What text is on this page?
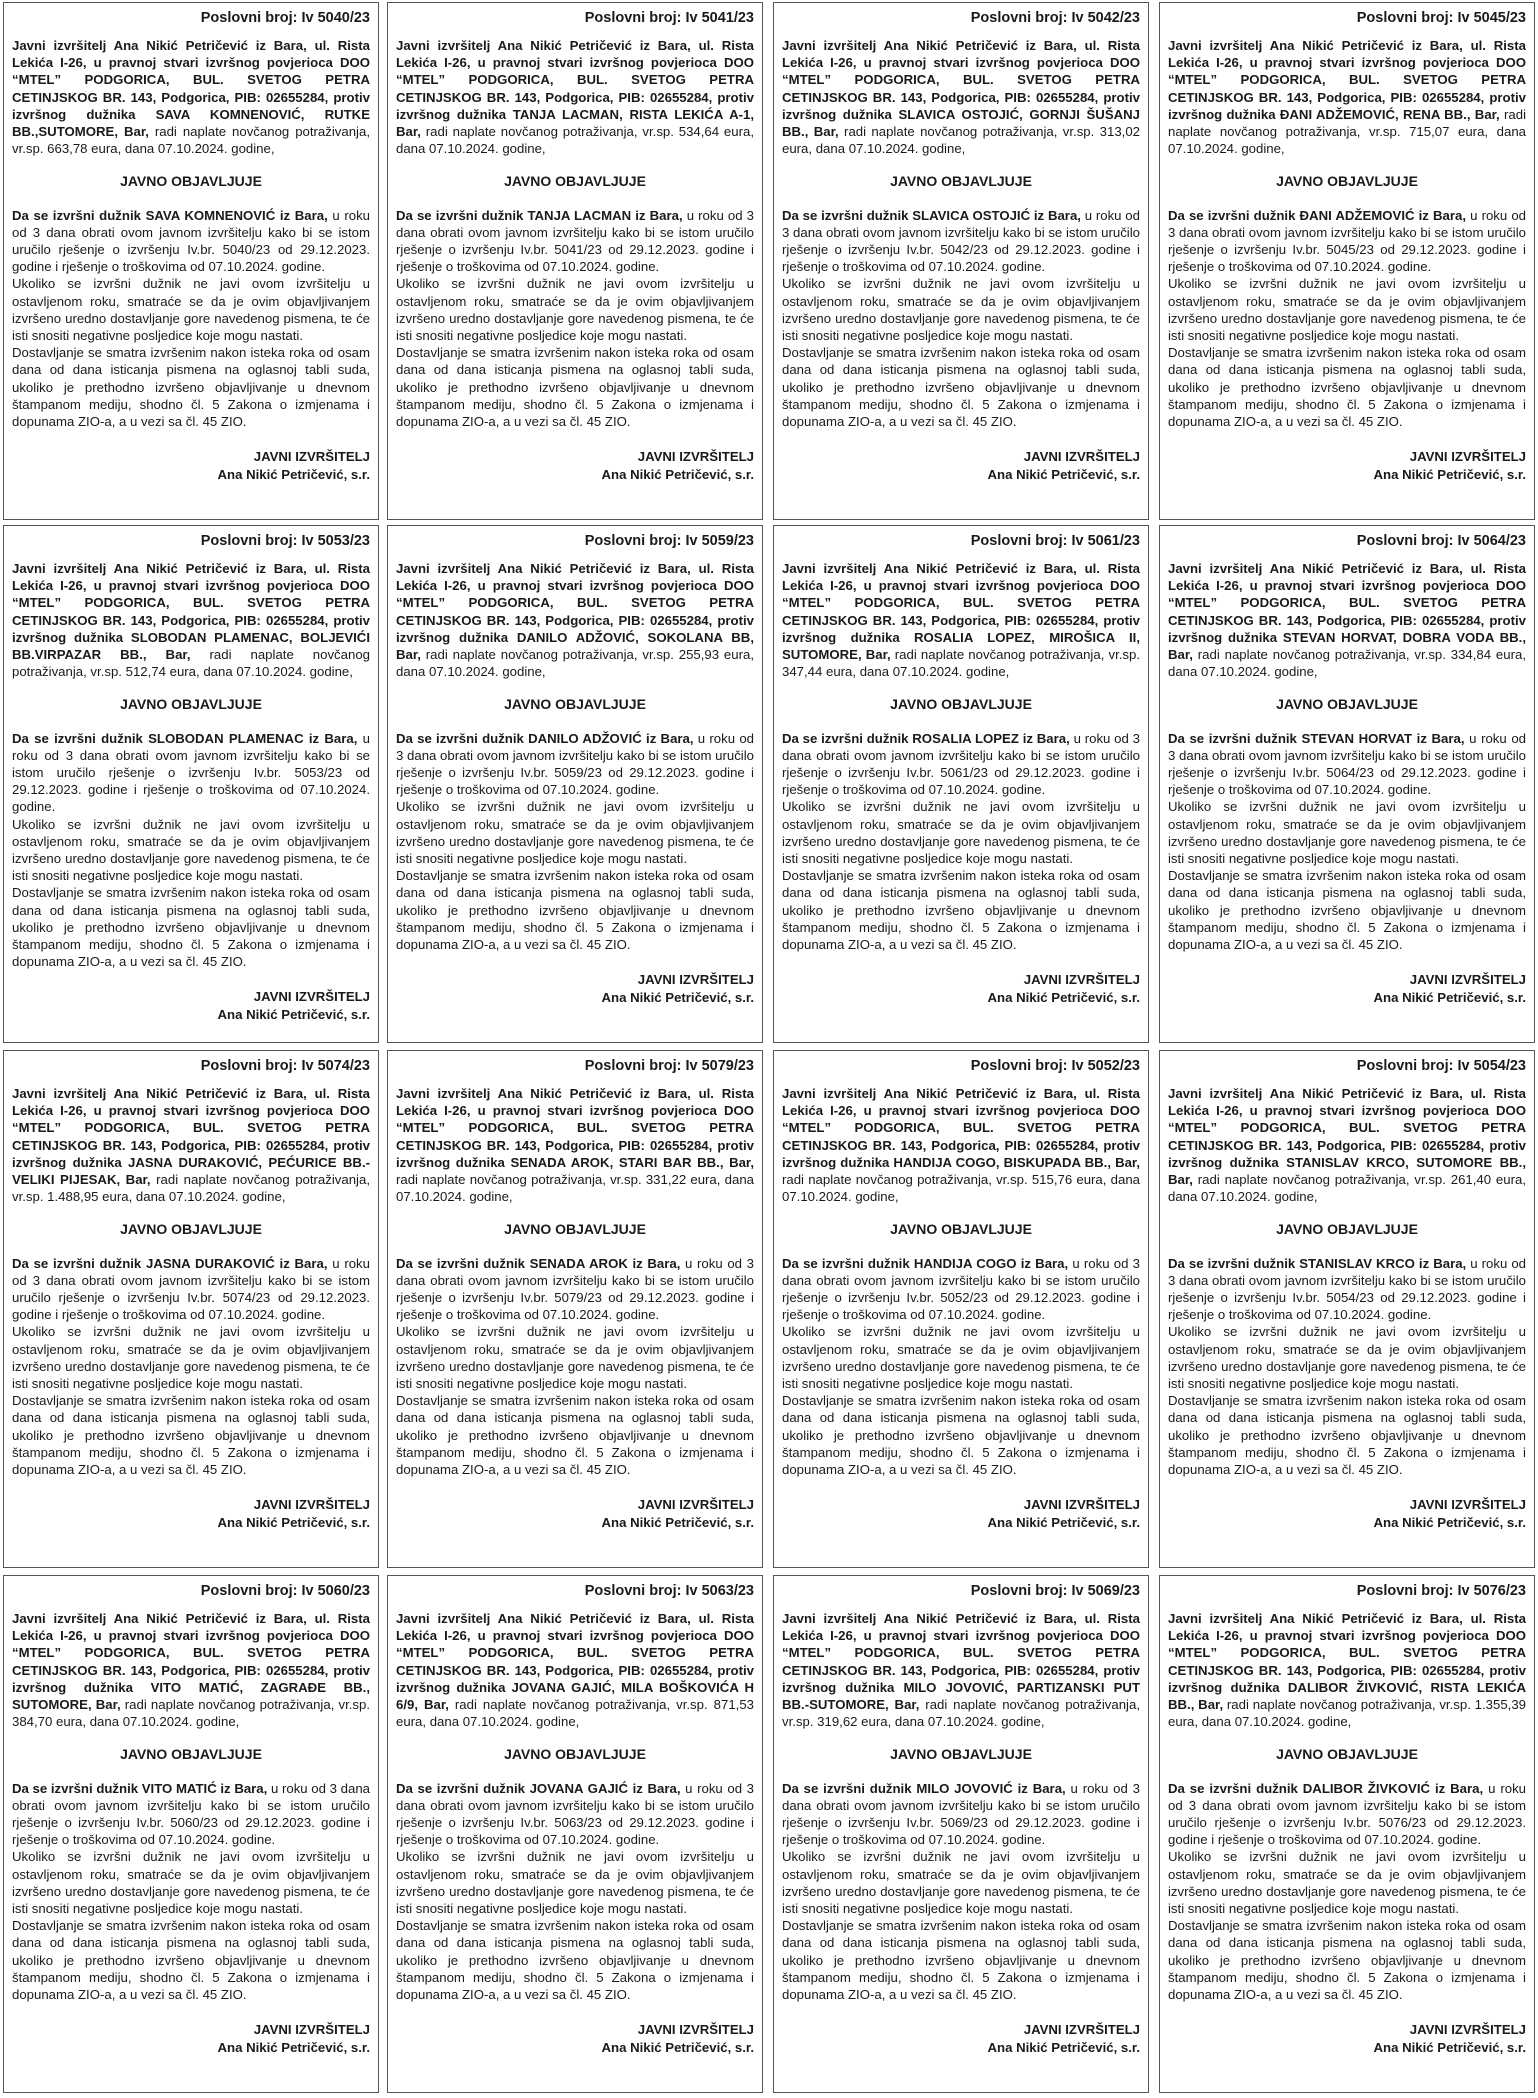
Poslovni broj: Iv 5040/23

Javni izvršitelj Ana Nikić Petričević iz Bara, ul. Rista Lekića I-26, u pravnoj stvari izvršnog povjerioca DOO “MTEL” PODGORICA, BUL. SVETOG PETRA CETINJSKOG BR. 143, Podgorica, PIB: 02655284, protiv izvršnog dužnika SAVA KOMNENOVIĆ, RUTKE BB.,SUTOMORE, Bar, radi naplate novčanog potraživanja, vr.sp. 663,78 eura, dana 07.10.2024. godine,

JAVNO OBJAVLJUJE

Da se izvršni dužnik SAVA KOMNENOVIĆ iz Bara, u roku od 3 dana obrati ovom javnom izvršitelju kako bi se istom uručilo rješenje o izvršenju Iv.br. 5040/23 od 29.12.2023. godine i rješenje o troškovima od 07.10.2024. godine.

Ukoliko se izvršni dužnik ne javi ovom izvršitelju u ostavljenom roku, smatraće se da je ovim objavljivanjem izvršeno uredno dostavljanje gore navedenog pismena, te će isti snositi negativne posljedice koje mogu nastati.

Dostavljanje se smatra izvršenim nakon isteka roka od osam dana od dana isticanja pismena na oglasnoj tabli suda, ukoliko je prethodno izvršeno objavljivanje u dnevnom štampanom mediju, shodno čl. 5 Zakona o izmjenama i dopunama ZIO-a, a u vezi sa čl. 45 ZIO.

JAVNI IZVRŠITELJ
Ana Nikić Petričević, s.r.
Poslovni broj: Iv 5041/23

Javni izvršitelj Ana Nikić Petričević iz Bara, ul. Rista Lekića I-26, u pravnoj stvari izvršnog povjerioca DOO “MTEL” PODGORICA, BUL. SVETOG PETRA CETINJSKOG BR. 143, Podgorica, PIB: 02655284, protiv izvršnog dužnika TANJA LACMAN, RISTA LEKIĆA A-1, Bar, radi naplate novčanog potraživanja, vr.sp. 534,64 eura, dana 07.10.2024. godine,

JAVNO OBJAVLJUJE

Da se izvršni dužnik TANJA LACMAN iz Bara, u roku od 3 dana obrati ovom javnom izvršitelju kako bi se istom uručilo rješenje o izvršenju Iv.br. 5041/23 od 29.12.2023. godine i rješenje o troškovima od 07.10.2024. godine.

Ukoliko se izvršni dužnik ne javi ovom izvršitelju u ostavljenom roku, smatraće se da je ovim objavljivanjem izvršeno uredno dostavljanje gore navedenog pismena, te će isti snositi negativne posljedice koje mogu nastati.

Dostavljanje se smatra izvršenim nakon isteka roka od osam dana od dana isticanja pismena na oglasnoj tabli suda, ukoliko je prethodno izvršeno objavljivanje u dnevnom štampanom mediju, shodno čl. 5 Zakona o izmjenama i dopunama ZIO-a, a u vezi sa čl. 45 ZIO.

JAVNI IZVRŠITELJ
Ana Nikić Petričević, s.r.
Poslovni broj: Iv 5042/23

Javni izvršitelj Ana Nikić Petričević iz Bara, ul. Rista Lekića I-26, u pravnoj stvari izvršnog povjerioca DOO “MTEL” PODGORICA, BUL. SVETOG PETRA CETINJSKOG BR. 143, Podgorica, PIB: 02655284, protiv izvršnog dužnika SLAVICA OSTOJIĆ, GORNJI ŠUŠANJ BB., Bar, radi naplate novčanog potraživanja, vr.sp. 313,02 eura, dana 07.10.2024. godine,

JAVNO OBJAVLJUJE

Da se izvršni dužnik SLAVICA OSTOJIĆ iz Bara, u roku od 3 dana obrati ovom javnom izvršitelju kako bi se istom uručilo rješenje o izvršenju Iv.br. 5042/23 od 29.12.2023. godine i rješenje o troškovima od 07.10.2024. godine.

Ukoliko se izvršni dužnik ne javi ovom izvršitelju u ostavljenom roku, smatraće se da je ovim objavljivanjem izvršeno uredno dostavljanje gore navedenog pismena, te će isti snositi negativne posljedice koje mogu nastati.

Dostavljanje se smatra izvršenim nakon isteka roka od osam dana od dana isticanja pismena na oglasnoj tabli suda, ukoliko je prethodno izvršeno objavljivanje u dnevnom štampanom mediju, shodno čl. 5 Zakona o izmjenama i dopunama ZIO-a, a u vezi sa čl. 45 ZIO.

JAVNI IZVRŠITELJ
Ana Nikić Petričević, s.r.
Poslovni broj: Iv 5045/23

Javni izvršitelj Ana Nikić Petričević iz Bara, ul. Rista Lekića I-26, u pravnoj stvari izvršnog povjerioca DOO “MTEL” PODGORICA, BUL. SVETOG PETRA CETINJSKOG BR. 143, Podgorica, PIB: 02655284, protiv izvršnog dužnika ĐANI ADŽEMOVIĆ, RENA BB., Bar, radi naplate novčanog potraživanja, vr.sp. 715,07 eura, dana 07.10.2024. godine,

JAVNO OBJAVLJUJE

Da se izvršni dužnik ĐANI ADŽEMOVIĆ iz Bara, u roku od 3 dana obrati ovom javnom izvršitelju kako bi se istom uručilo rješenje o izvršenju Iv.br. 5045/23 od 29.12.2023. godine i rješenje o troškovima od 07.10.2024. godine.

Ukoliko se izvršni dužnik ne javi ovom izvršitelju u ostavljenom roku, smatraće se da je ovim objavljivanjem izvršeno uredno dostavljanje gore navedenog pismena, te će isti snositi negativne posljedice koje mogu nastati.

Dostavljanje se smatra izvršenim nakon isteka roka od osam dana od dana isticanja pismena na oglasnoj tabli suda, ukoliko je prethodno izvršeno objavljivanje u dnevnom štampanom mediju, shodno čl. 5 Zakona o izmjenama i dopunama ZIO-a, a u vezi sa čl. 45 ZIO.

JAVNI IZVRŠITELJ
Ana Nikić Petričević, s.r.
Poslovni broj: Iv 5053/23

Javni izvršitelj Ana Nikić Petričević iz Bara, ul. Rista Lekića I-26, u pravnoj stvari izvršnog povjerioca DOO “MTEL” PODGORICA, BUL. SVETOG PETRA CETINJSKOG BR. 143, Podgorica, PIB: 02655284, protiv izvršnog dužnika SLOBODAN PLAMENAC, BOLJEVIĆI BB.VIRPAZAR BB., Bar, radi naplate novčanog potraživanja, vr.sp. 512,74 eura, dana 07.10.2024. godine,

JAVNO OBJAVLJUJE

Da se izvršni dužnik SLOBODAN PLAMENAC iz Bara, u roku od 3 dana obrati ovom javnom izvršitelju kako bi se istom uručilo rješenje o izvršenju Iv.br. 5053/23 od 29.12.2023. godine i rješenje o troškovima od 07.10.2024. godine.

Ukoliko se izvršni dužnik ne javi ovom izvršitelju u ostavljenom roku, smatraće se da je ovim objavljivanjem izvršeno uredno dostavljanje gore navedenog pismena, te će isti snositi negativne posljedice koje mogu nastati.

Dostavljanje se smatra izvršenim nakon isteka roka od osam dana od dana isticanja pismena na oglasnoj tabli suda, ukoliko je prethodno izvršeno objavljivanje u dnevnom štampanom mediju, shodno čl. 5 Zakona o izmjenama i dopunama ZIO-a, a u vezi sa čl. 45 ZIO.

JAVNI IZVRŠITELJ
Ana Nikić Petričević, s.r.
Poslovni broj: Iv 5059/23

Javni izvršitelj Ana Nikić Petričević iz Bara, ul. Rista Lekića I-26, u pravnoj stvari izvršnog povjerioca DOO “MTEL” PODGORICA, BUL. SVETOG PETRA CETINJSKOG BR. 143, Podgorica, PIB: 02655284, protiv izvršnog dužnika DANILO ADŽOVIĆ, SOKOLANA BB, Bar, radi naplate novčanog potraživanja, vr.sp. 255,93 eura, dana 07.10.2024. godine,

JAVNO OBJAVLJUJE

Da se izvršni dužnik DANILO ADŽOVIĆ iz Bara, u roku od 3 dana obrati ovom javnom izvršitelju kako bi se istom uručilo rješenje o izvršenju Iv.br. 5059/23 od 29.12.2023. godine i rješenje o troškovima od 07.10.2024. godine.

Ukoliko se izvršni dužnik ne javi ovom izvršitelju u ostavljenom roku, smatraće se da je ovim objavljivanjem izvršeno uredno dostavljanje gore navedenog pismena, te će isti snositi negativne posljedice koje mogu nastati.

Dostavljanje se smatra izvršenim nakon isteka roka od osam dana od dana isticanja pismena na oglasnoj tabli suda, ukoliko je prethodno izvršeno objavljivanje u dnevnom štampanom mediju, shodno čl. 5 Zakona o izmjenama i dopunama ZIO-a, a u vezi sa čl. 45 ZIO.

JAVNI IZVRŠITELJ
Ana Nikić Petričević, s.r.
Poslovni broj: Iv 5061/23

Javni izvršitelj Ana Nikić Petričević iz Bara, ul. Rista Lekića I-26, u pravnoj stvari izvršnog povjerioca DOO “MTEL” PODGORICA, BUL. SVETOG PETRA CETINJSKOG BR. 143, Podgorica, PIB: 02655284, protiv izvršnog dužnika ROSALIA LOPEZ, MIROŠICA II, SUTOMORE, Bar, radi naplate novčanog potraživanja, vr.sp. 347,44 eura, dana 07.10.2024. godine,

JAVNO OBJAVLJUJE

Da se izvršni dužnik ROSALIA LOPEZ iz Bara, u roku od 3 dana obrati ovom javnom izvršitelju kako bi se istom uručilo rješenje o izvršenju Iv.br. 5061/23 od 29.12.2023. godine i rješenje o troškovima od 07.10.2024. godine.

Ukoliko se izvršni dužnik ne javi ovom izvršitelju u ostavljenom roku, smatraće se da je ovim objavljivanjem izvršeno uredno dostavljanje gore navedenog pismena, te će isti snositi negativne posljedice koje mogu nastati.

Dostavljanje se smatra izvršenim nakon isteka roka od osam dana od dana isticanja pismena na oglasnoj tabli suda, ukoliko je prethodno izvršeno objavljivanje u dnevnom štampanom mediju, shodno čl. 5 Zakona o izmjenama i dopunama ZIO-a, a u vezi sa čl. 45 ZIO.

JAVNI IZVRŠITELJ
Ana Nikić Petričević, s.r.
Poslovni broj: Iv 5064/23

Javni izvršitelj Ana Nikić Petričević iz Bara, ul. Rista Lekića I-26, u pravnoj stvari izvršnog povjerioca DOO “MTEL” PODGORICA, BUL. SVETOG PETRA CETINJSKOG BR. 143, Podgorica, PIB: 02655284, protiv izvršnog dužnika STEVAN HORVAT, DOBRA VODA BB., Bar, radi naplate novčanog potraživanja, vr.sp. 334,84 eura, dana 07.10.2024. godine,

JAVNO OBJAVLJUJE

Da se izvršni dužnik STEVAN HORVAT iz Bara, u roku od 3 dana obrati ovom javnom izvršitelju kako bi se istom uručilo rješenje o izvršenju Iv.br. 5064/23 od 29.12.2023. godine i rješenje o troškovima od 07.10.2024. godine.

Ukoliko se izvršni dužnik ne javi ovom izvršitelju u ostavljenom roku, smatraće se da je ovim objavljivanjem izvršeno uredno dostavljanje gore navedenog pismena, te će isti snositi negativne posljedice koje mogu nastati.

Dostavljanje se smatra izvršenim nakon isteka roka od osam dana od dana isticanja pismena na oglasnoj tabli suda, ukoliko je prethodno izvršeno objavljivanje u dnevnom štampanom mediju, shodno čl. 5 Zakona o izmjenama i dopunama ZIO-a, a u vezi sa čl. 45 ZIO.

JAVNI IZVRŠITELJ
Ana Nikić Petričević, s.r.
Poslovni broj: Iv 5074/23

Javni izvršitelj Ana Nikić Petričević iz Bara, ul. Rista Lekića I-26, u pravnoj stvari izvršnog povjerioca DOO “MTEL” PODGORICA, BUL. SVETOG PETRA CETINJSKOG BR. 143, Podgorica, PIB: 02655284, protiv izvršnog dužnika JASNA DURAKOVIĆ, PEĆURICE BB.-VELIKI PIJESAK, Bar, radi naplate novčanog potraživanja, vr.sp. 1.488,95 eura, dana 07.10.2024. godine,

JAVNO OBJAVLJUJE

Da se izvršni dužnik JASNA DURAKOVIĆ iz Bara, u roku od 3 dana obrati ovom javnom izvršitelju kako bi se istom uručilo rješenje o izvršenju Iv.br. 5074/23 od 29.12.2023. godine i rješenje o troškovima od 07.10.2024. godine.

Ukoliko se izvršni dužnik ne javi ovom izvršitelju u ostavljenom roku, smatraće se da je ovim objavljivanjem izvršeno uredno dostavljanje gore navedenog pismena, te će isti snositi negativne posljedice koje mogu nastati.

Dostavljanje se smatra izvršenim nakon isteka roka od osam dana od dana isticanja pismena na oglasnoj tabli suda, ukoliko je prethodno izvršeno objavljivanje u dnevnom štampanom mediju, shodno čl. 5 Zakona o izmjenama i dopunama ZIO-a, a u vezi sa čl. 45 ZIO.

JAVNI IZVRŠITELJ
Ana Nikić Petričević, s.r.
Poslovni broj: Iv 5079/23

Javni izvršitelj Ana Nikić Petričević iz Bara, ul. Rista Lekića I-26, u pravnoj stvari izvršnog povjerioca DOO “MTEL” PODGORICA, BUL. SVETOG PETRA CETINJSKOG BR. 143, Podgorica, PIB: 02655284, protiv izvršnog dužnika SENADA AROK, STARI BAR BB., Bar, radi naplate novčanog potraživanja, vr.sp. 331,22 eura, dana 07.10.2024. godine,

JAVNO OBJAVLJUJE

Da se izvršni dužnik SENADA AROK iz Bara, u roku od 3 dana obrati ovom javnom izvršitelju kako bi se istom uručilo rješenje o izvršenju Iv.br. 5079/23 od 29.12.2023. godine i rješenje o troškovima od 07.10.2024. godine.

Ukoliko se izvršni dužnik ne javi ovom izvršitelju u ostavljenom roku, smatraće se da je ovim objavljivanjem izvršeno uredno dostavljanje gore navedenog pismena, te će isti snositi negativne posljedice koje mogu nastati.

Dostavljanje se smatra izvršenim nakon isteka roka od osam dana od dana isticanja pismena na oglasnoj tabli suda, ukoliko je prethodno izvršeno objavljivanje u dnevnom štampanom mediju, shodno čl. 5 Zakona o izmjenama i dopunama ZIO-a, a u vezi sa čl. 45 ZIO.

JAVNI IZVRŠITELJ
Ana Nikić Petričević, s.r.
Poslovni broj: Iv 5052/23

Javni izvršitelj Ana Nikić Petričević iz Bara, ul. Rista Lekića I-26, u pravnoj stvari izvršnog povjerioca DOO “MTEL” PODGORICA, BUL. SVETOG PETRA CETINJSKOG BR. 143, Podgorica, PIB: 02655284, protiv izvršnog dužnika HANDIJA COGO, BISKUPADA BB., Bar, radi naplate novčanog potraživanja, vr.sp. 515,76 eura, dana 07.10.2024. godine,

JAVNO OBJAVLJUJE

Da se izvršni dužnik HANDIJA COGO iz Bara, u roku od 3 dana obrati ovom javnom izvršitelju kako bi se istom uručilo rješenje o izvršenju Iv.br. 5052/23 od 29.12.2023. godine i rješenje o troškovima od 07.10.2024. godine.

Ukoliko se izvršni dužnik ne javi ovom izvršitelju u ostavljenom roku, smatraće se da je ovim objavljivanjem izvršeno uredno dostavljanje gore navedenog pismena, te će isti snositi negativne posljedice koje mogu nastati.

Dostavljanje se smatra izvršenim nakon isteka roka od osam dana od dana isticanja pismena na oglasnoj tabli suda, ukoliko je prethodno izvršeno objavljivanje u dnevnom štampanom mediju, shodno čl. 5 Zakona o izmjenama i dopunama ZIO-a, a u vezi sa čl. 45 ZIO.

JAVNI IZVRŠITELJ
Ana Nikić Petričević, s.r.
Poslovni broj: Iv 5054/23

Javni izvršitelj Ana Nikić Petričević iz Bara, ul. Rista Lekića I-26, u pravnoj stvari izvršnog povjerioca DOO “MTEL” PODGORICA, BUL. SVETOG PETRA CETINJSKOG BR. 143, Podgorica, PIB: 02655284, protiv izvršnog dužnika STANISLAV KRCO, SUTOMORE BB., Bar, radi naplate novčanog potraživanja, vr.sp. 261,40 eura, dana 07.10.2024. godine,

JAVNO OBJAVLJUJE

Da se izvršni dužnik STANISLAV KRCO iz Bara, u roku od 3 dana obrati ovom javnom izvršitelju kako bi se istom uručilo rješenje o izvršenju Iv.br. 5054/23 od 29.12.2023. godine i rješenje o troškovima od 07.10.2024. godine.

Ukoliko se izvršni dužnik ne javi ovom izvršitelju u ostavljenom roku, smatraće se da je ovim objavljivanjem izvršeno uredno dostavljanje gore navedenog pismena, te će isti snositi negativne posljedice koje mogu nastati.

Dostavljanje se smatra izvršenim nakon isteka roka od osam dana od dana isticanja pismena na oglasnoj tabli suda, ukoliko je prethodno izvršeno objavljivanje u dnevnom štampanom mediju, shodno čl. 5 Zakona o izmjenama i dopunama ZIO-a, a u vezi sa čl. 45 ZIO.

JAVNI IZVRŠITELJ
Ana Nikić Petričević, s.r.
Poslovni broj: Iv 5060/23

Javni izvršitelj Ana Nikić Petričević iz Bara, ul. Rista Lekića I-26, u pravnoj stvari izvršnog povjerioca DOO “MTEL” PODGORICA, BUL. SVETOG PETRA CETINJSKOG BR. 143, Podgorica, PIB: 02655284, protiv izvršnog dužnika VITO MATIĆ, ZAGRAĐE BB., SUTOMORE, Bar, radi naplate novčanog potraživanja, vr.sp. 384,70 eura, dana 07.10.2024. godine,

JAVNO OBJAVLJUJE

Da se izvršni dužnik VITO MATIĆ iz Bara, u roku od 3 dana obrati ovom javnom izvršitelju kako bi se istom uručilo rješenje o izvršenju Iv.br. 5060/23 od 29.12.2023. godine i rješenje o troškovima od 07.10.2024. godine.

Ukoliko se izvršni dužnik ne javi ovom izvršitelju u ostavljenom roku, smatraće se da je ovim objavljivanjem izvršeno uredno dostavljanje gore navedenog pismena, te će isti snositi negativne posljedice koje mogu nastati.

Dostavljanje se smatra izvršenim nakon isteka roka od osam dana od dana isticanja pismena na oglasnoj tabli suda, ukoliko je prethodno izvršeno objavljivanje u dnevnom štampanom mediju, shodno čl. 5 Zakona o izmjenama i dopunama ZIO-a, a u vezi sa čl. 45 ZIO.

JAVNI IZVRŠITELJ
Ana Nikić Petričević, s.r.
Poslovni broj: Iv 5063/23

Javni izvršitelj Ana Nikić Petričević iz Bara, ul. Rista Lekića I-26, u pravnoj stvari izvršnog povjerioca DOO “MTEL” PODGORICA, BUL. SVETOG PETRA CETINJSKOG BR. 143, Podgorica, PIB: 02655284, protiv izvršnog dužnika JOVANA GAJIĆ, MILA BOŠKOVIĆA H 6/9, Bar, radi naplate novčanog potraživanja, vr.sp. 871,53 eura, dana 07.10.2024. godine,

JAVNO OBJAVLJUJE

Da se izvršni dužnik JOVANA GAJIĆ iz Bara, u roku od 3 dana obrati ovom javnom izvršitelju kako bi se istom uručilo rješenje o izvršenju Iv.br. 5063/23 od 29.12.2023. godine i rješenje o troškovima od 07.10.2024. godine.

Ukoliko se izvršni dužnik ne javi ovom izvršitelju u ostavljenom roku, smatraće se da je ovim objavljivanjem izvršeno uredno dostavljanje gore navedenog pismena, te će isti snositi negativne posljedice koje mogu nastati.

Dostavljanje se smatra izvršenim nakon isteka roka od osam dana od dana isticanja pismena na oglasnoj tabli suda, ukoliko je prethodno izvršeno objavljivanje u dnevnom štampanom mediju, shodno čl. 5 Zakona o izmjenama i dopunama ZIO-a, a u vezi sa čl. 45 ZIO.

JAVNI IZVRŠITELJ
Ana Nikić Petričević, s.r.
Poslovni broj: Iv 5069/23

Javni izvršitelj Ana Nikić Petričević iz Bara, ul. Rista Lekića I-26, u pravnoj stvari izvršnog povjerioca DOO “MTEL” PODGORICA, BUL. SVETOG PETRA CETINJSKOG BR. 143, Podgorica, PIB: 02655284, protiv izvršnog dužnika MILO JOVOVIĆ, PARTIZANSKI PUT BB.-SUTOMORE, Bar, radi naplate novčanog potraživanja, vr.sp. 319,62 eura, dana 07.10.2024. godine,

JAVNO OBJAVLJUJE

Da se izvršni dužnik MILO JOVOVIĆ iz Bara, u roku od 3 dana obrati ovom javnom izvršitelju kako bi se istom uručilo rješenje o izvršenju Iv.br. 5069/23 od 29.12.2023. godine i rješenje o troškovima od 07.10.2024. godine.

Ukoliko se izvršni dužnik ne javi ovom izvršitelju u ostavljenom roku, smatraće se da je ovim objavljivanjem izvršeno uredno dostavljanje gore navedenog pismena, te će isti snositi negativne posljedice koje mogu nastati.

Dostavljanje se smatra izvršenim nakon isteka roka od osam dana od dana isticanja pismena na oglasnoj tabli suda, ukoliko je prethodno izvršeno objavljivanje u dnevnom štampanom mediju, shodno čl. 5 Zakona o izmjenama i dopunama ZIO-a, a u vezi sa čl. 45 ZIO.

JAVNI IZVRŠITELJ
Ana Nikić Petričević, s.r.
Poslovni broj: Iv 5076/23

Javni izvršitelj Ana Nikić Petričević iz Bara, ul. Rista Lekića I-26, u pravnoj stvari izvršnog povjerioca DOO “MTEL” PODGORICA, BUL. SVETOG PETRA CETINJSKOG BR. 143, Podgorica, PIB: 02655284, protiv izvršnog dužnika DALIBOR ŽIVKOVIĆ, RISTA LEKIĆA BB., Bar, radi naplate novčanog potraživanja, vr.sp. 1.355,39 eura, dana 07.10.2024. godine,

JAVNO OBJAVLJUJE

Da se izvršni dužnik DALIBOR ŽIVKOVIĆ iz Bara, u roku od 3 dana obrati ovom javnom izvršitelju kako bi se istom uručilo rješenje o izvršenju Iv.br. 5076/23 od 29.12.2023. godine i rješenje o troškovima od 07.10.2024. godine.

Ukoliko se izvršni dužnik ne javi ovom izvršitelju u ostavljenom roku, smatraće se da je ovim objavljivanjem izvršeno uredno dostavljanje gore navedenog pismena, te će isti snositi negativne posljedice koje mogu nastati.

Dostavljanje se smatra izvršenim nakon isteka roka od osam dana od dana isticanja pismena na oglasnoj tabli suda, ukoliko je prethodno izvršeno objavljivanje u dnevnom štampanom mediju, shodno čl. 5 Zakona o izmjenama i dopunama ZIO-a, a u vezi sa čl. 45 ZIO.

JAVNI IZVRŠITELJ
Ana Nikić Petričević, s.r.
